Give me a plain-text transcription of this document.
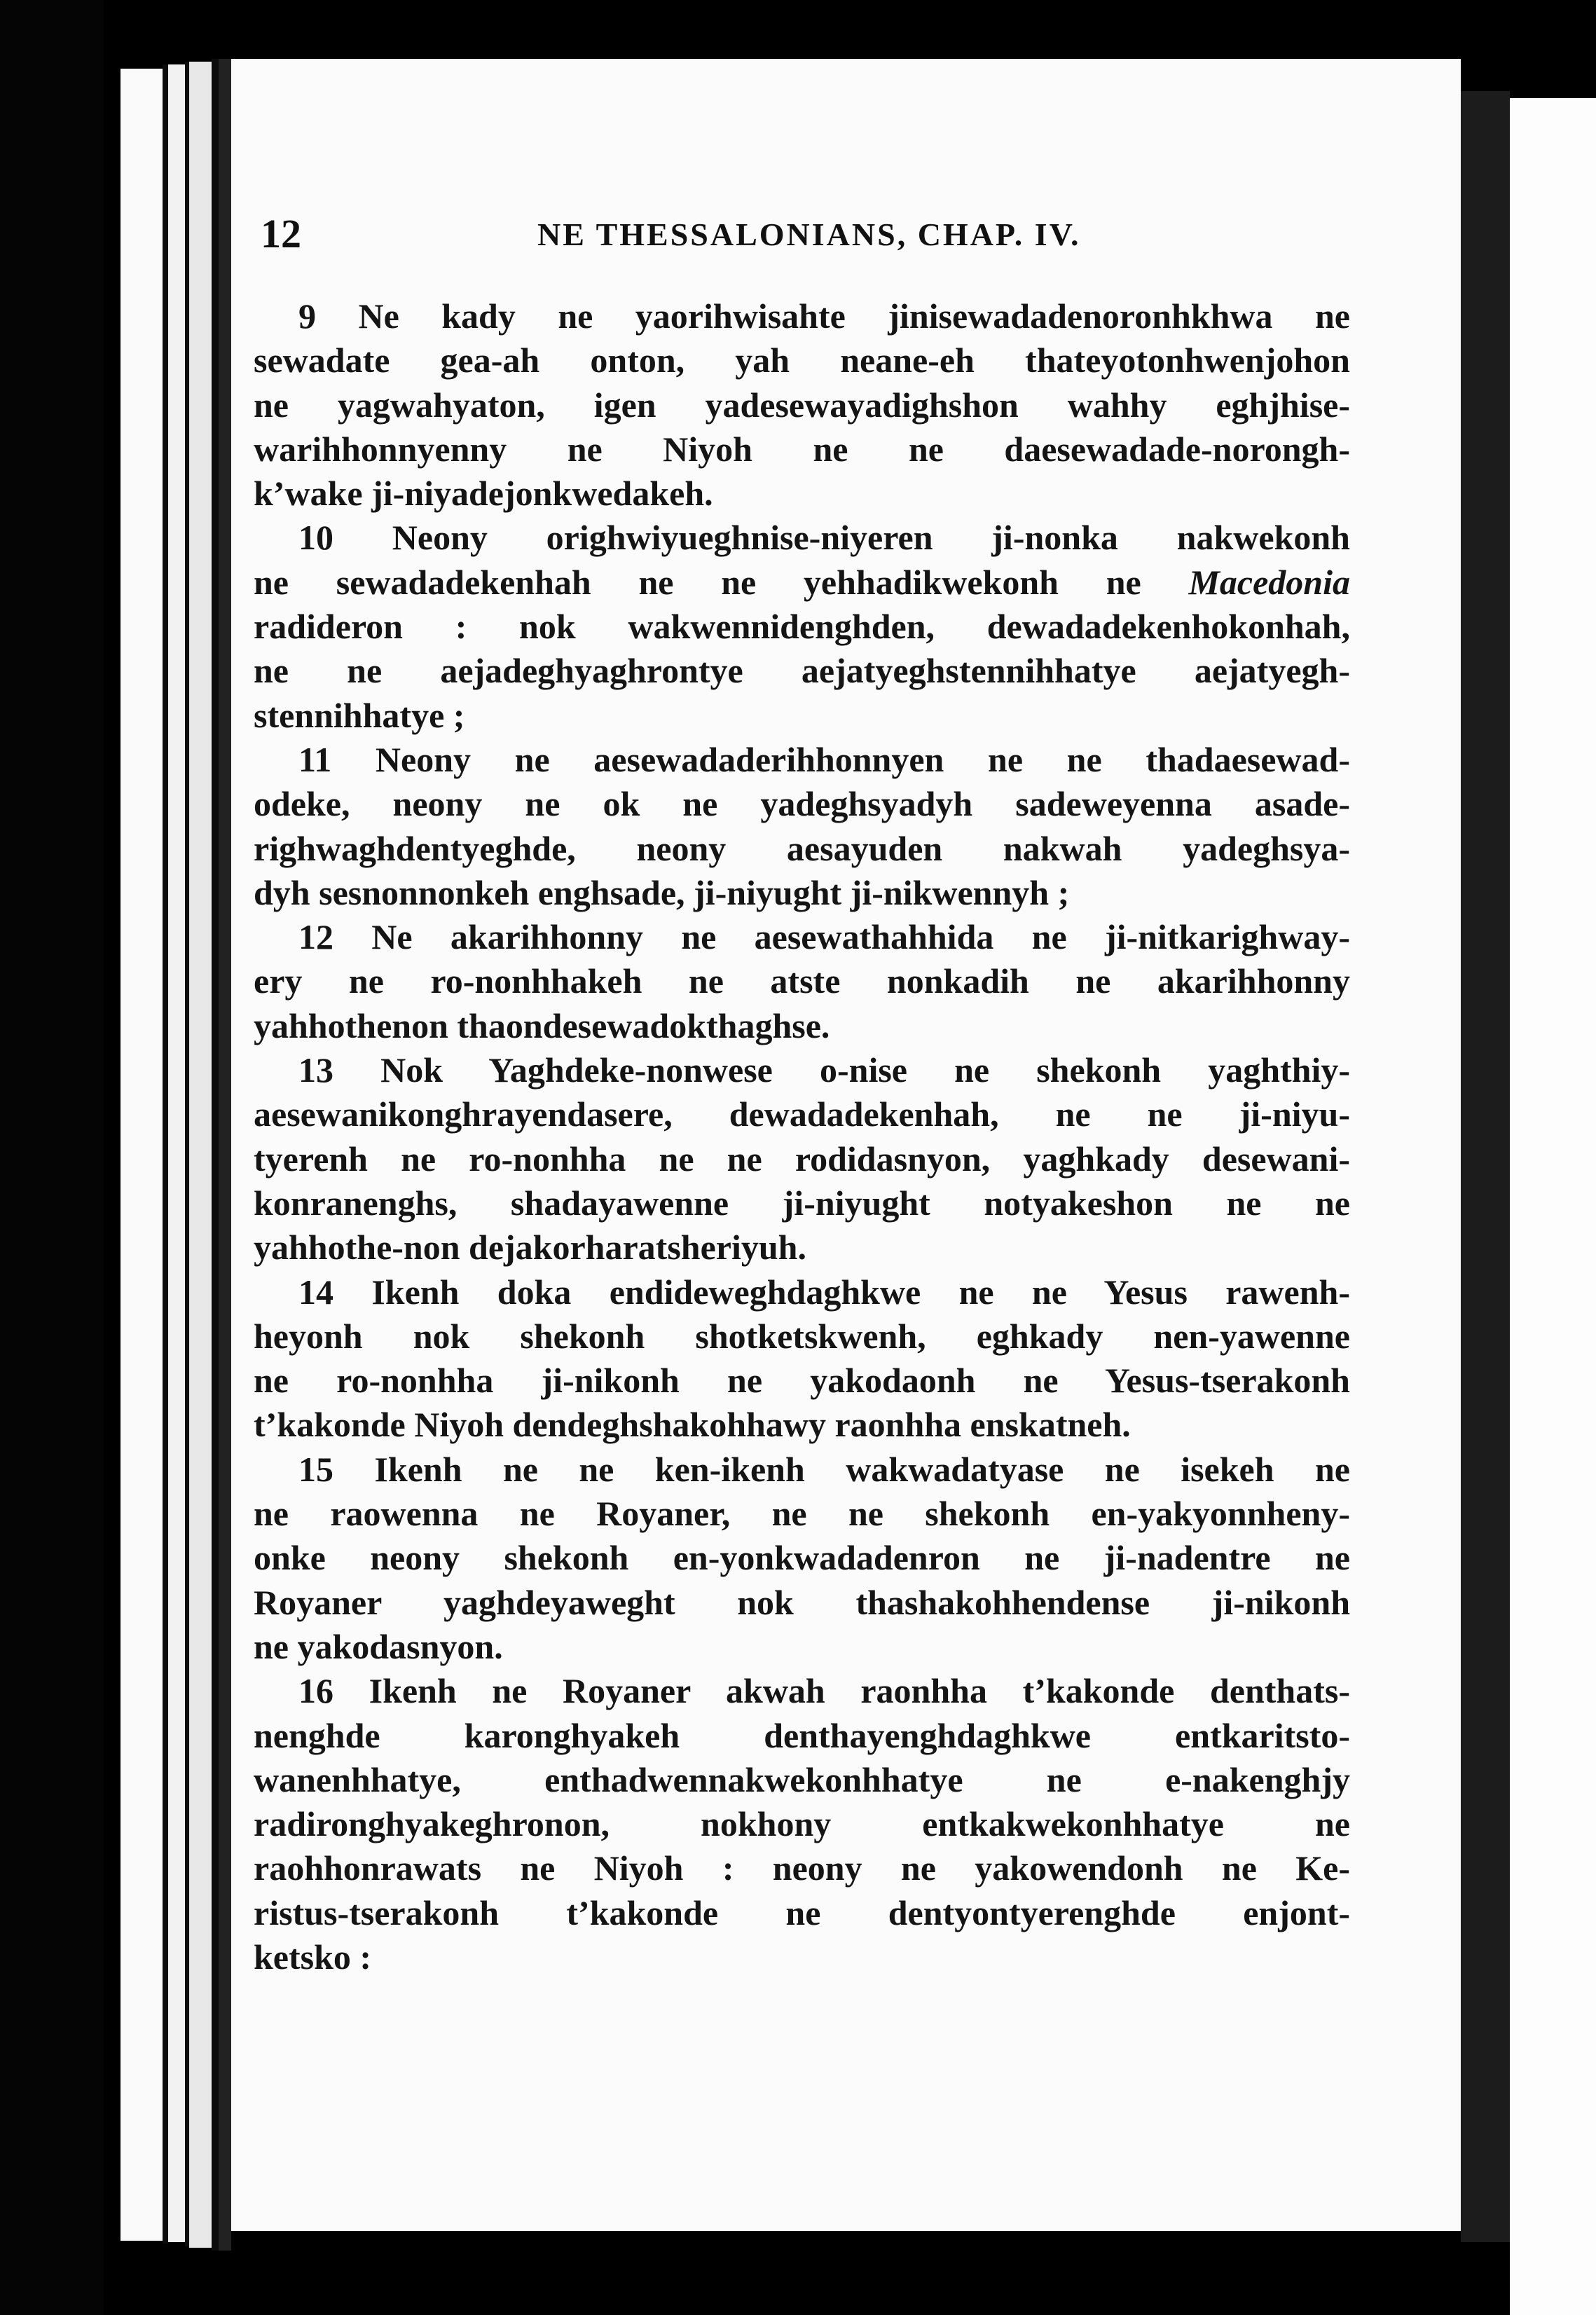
12	NE THESSALONIANS, CHAP. IV.
9 Ne kady ne yaorihwisahte jinisewadadenoronhkhwa ne
sewadate gea-ah onton, yah neane-eh thateyotonhwenjohon
ne yagwahyaton, igen yadesewayadighshon wahhy eghjhise-
warihhonnyenny ne Niyoh ne ne daesewadade-norongh-
k’wake ji-niyadejonkwedakeh.
10 Neony orighwiyueghnise-niyeren ji-nonka nakwekonh
ne sewadadekenhah ne ne yehhadikwekonh ne Macedonia
radideron : nok wakwennidenghden, dewadadekenhokonhah,
ne ne aejadeghyaghrontye aejatyeghstennihhatye aejatyegh-
stennihhatye ;
11 Neony ne aesewadaderihhonnyen ne ne thadaesewad-
odeke, neony ne ok ne yadeghsyadyh sadeweyenna asade-
righwaghdentyeghde, neony aesayuden nakwah yadeghsya-
dyh sesnonnonkeh enghsade, ji-niyught ji-nikwennyh ;
12 Ne akarihhonny ne aesewathahhida ne ji-nitkarighway-
ery ne ro-nonhhakeh ne atste nonkadih ne akarihhonny
yahhothenon thaondesewadokthaghse.
13 Nok Yaghdeke-nonwese o-nise ne shekonh yaghthiy-
aesewanikonghrayendasere, dewadadekenhah, ne ne ji-niyu-
tyerenh ne ro-nonhha ne ne rodidasnyon, yaghkady desewani-
konranenghs, shadayawenne ji-niyught notyakeshon ne ne
yahhothe-non dejakorharatsheriyuh.
14 Ikenh doka endideweghdaghkwe ne ne Yesus rawenh-
heyonh nok shekonh shotketskwenh, eghkady nen-yawenne
ne ro-nonhha ji-nikonh ne yakodaonh ne Yesus-tserakonh
t’kakonde Niyoh dendeghshakohhawy raonhha enskatneh.
15 Ikenh ne ne ken-ikenh wakwadatyase ne isekeh ne
ne raowenna ne Royaner, ne ne shekonh en-yakyonnheny-
onke neony shekonh en-yonkwadadenron ne ji-nadentre ne
Royaner yaghdeyaweght nok thashakohhendense ji-nikonh
ne yakodasnyon.
16 Ikenh ne Royaner akwah raonhha t’kakonde denthats-
nenghde karonghyakeh denthayenghdaghkwe entkaritsto-
wanenhhatye, enthadwennakwekonhhatye ne e-nakenghjy
radironghyakeghronon, nokhony entkakwekonhhatye ne
raohhonrawats ne Niyoh : neony ne yakowendonh ne Ke-
ristus-tserakonh t’kakonde ne dentyontyerenghde enjont-
ketsko :
